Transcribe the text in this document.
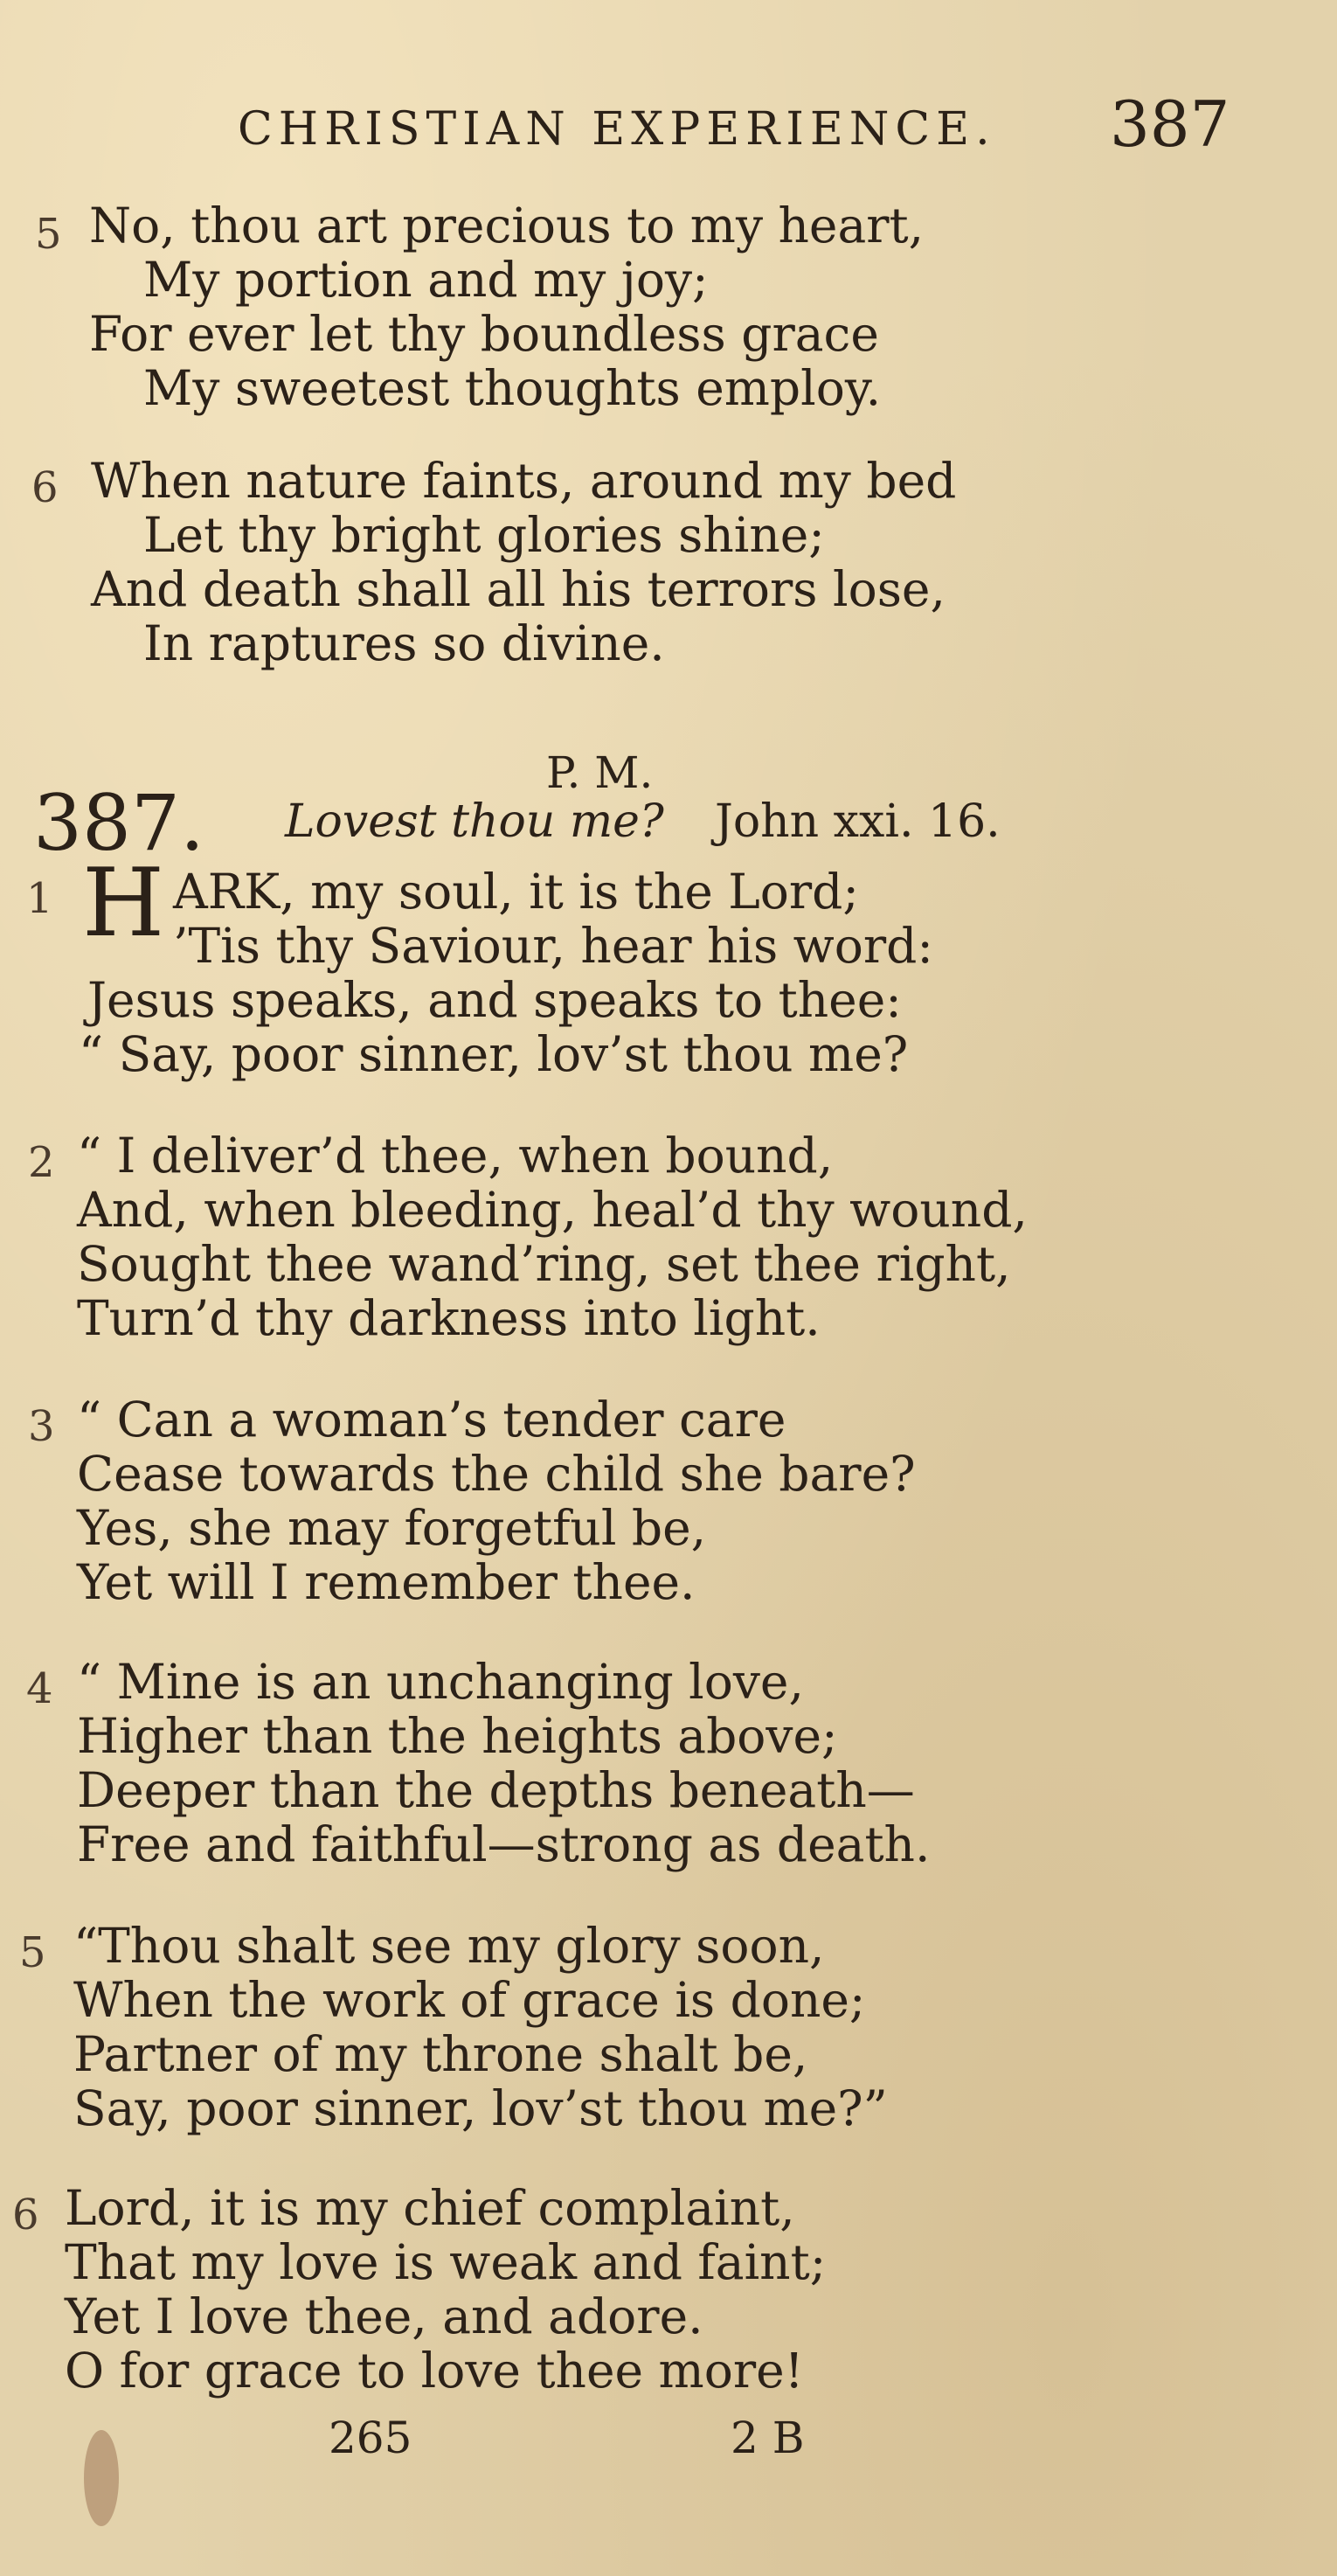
CHRISTIAN EXPERIENCE. 387
5 No, thou art precious to my heart,
My portion and my joy;
For ever let thy boundless grace
My sweetest thoughts employ.
6 When nature faints, around my bed
Let thy bright glories shine;
And death shall all his terrors lose,
In raptures so divine.
P. M.
387. Lovest thou me? John xxi. 16.
1 H ARK, my soul, it is the Lord;
’Tis thy Saviour, hear his word:
Jesus speaks, and speaks to thee:
“ Say, poor sinner, lov’st thou me?
2 “ I deliver’d thee, when bound,
And, when bleeding, heal’d thy wound,
Sought thee wand’ring, set thee right,
Turn’d thy darkness into light.
3 “ Can a woman’s tender care
Cease towards the child she bare?
Yes, she may forgetful be,
Yet will I remember thee.
4 “ Mine is an unchanging love,
Higher than the heights above;
Deeper than the depths beneath—
Free and faithful—strong as death.
5 “Thou shalt see my glory soon,
When the work of grace is done;
Partner of my throne shalt be,
Say, poor sinner, lov’st thou me?”
6 Lord, it is my chief complaint,
That my love is weak and faint;
Yet I love thee, and adore.
O for grace to love thee more!
265	2 B
